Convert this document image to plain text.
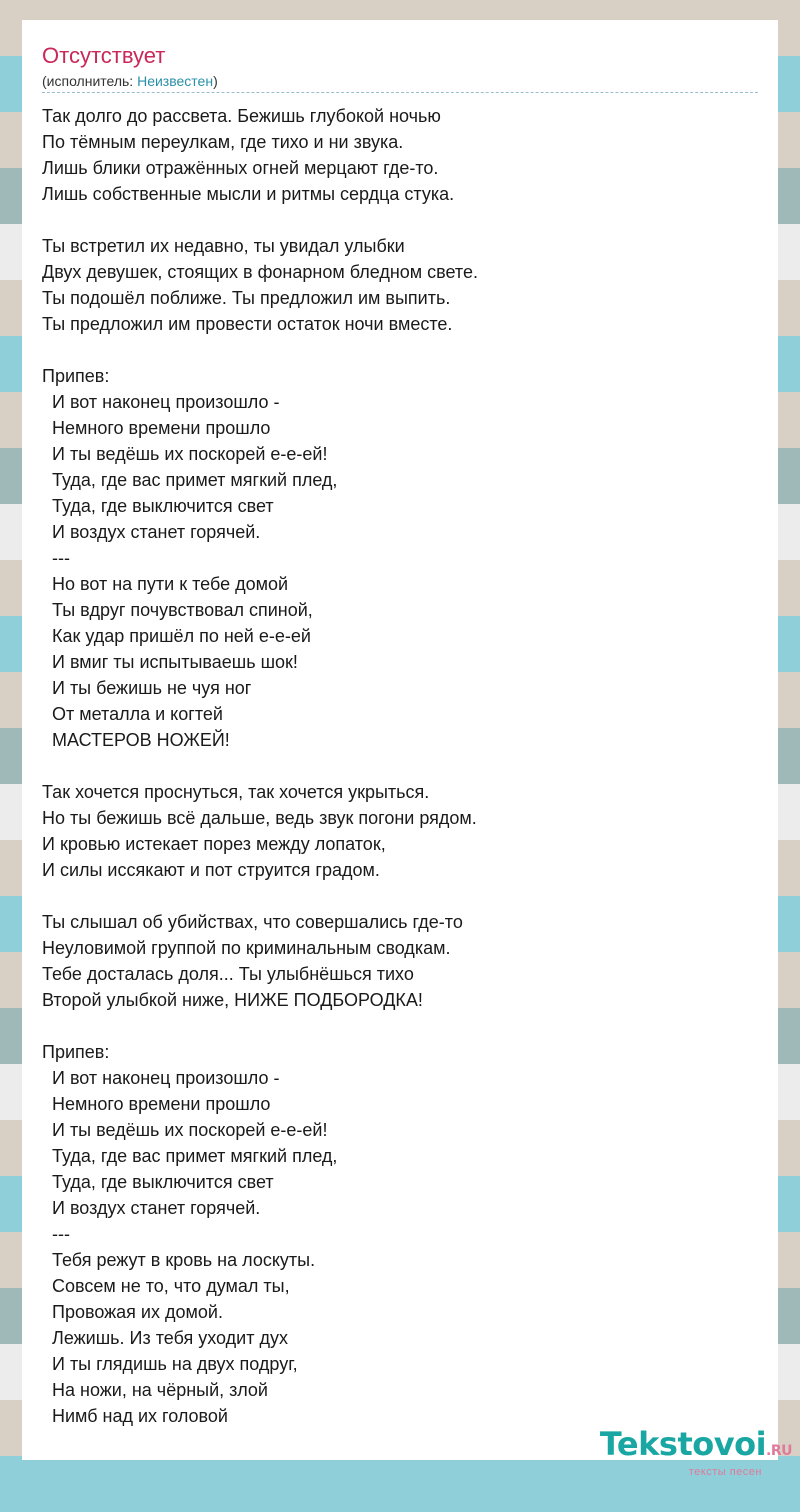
Отсутствует
(исполнитель: Неизвестен)
Так долго до рассвета. Бежишь глубокой ночью
По тёмным переулкам, где тихо и ни звука.
Лишь блики отражённых огней мерцают где-то.
Лишь собственные мысли и ритмы сердца стука.

Ты встретил их недавно, ты увидал улыбки
Двух девушек, стоящих в фонарном бледном свете.
Ты подошёл поближе. Ты предложил им выпить.
Ты предложил им провести остаток ночи вместе.

Припев:
И вот наконец произошло -
Немного времени прошло
И ты ведёшь их поскорей е-е-ей!
Туда, где вас примет мягкий плед,
Туда, где выключится свет
И воздух станет горячей.
---
Но вот на пути к тебе домой
Ты вдруг почувствовал спиной,
Как удар пришёл по ней е-е-ей
И вмиг ты испытываешь шок!
И ты бежишь не чуя ног
От металла и когтей
МАСТЕРОВ НОЖЕЙ!

Так хочется проснуться, так хочется укрыться.
Но ты бежишь всё дальше, ведь звук погони рядом.
И кровью истекает порез между лопаток,
И силы иссякают и пот струится градом.

Ты слышал об убийствах, что совершались где-то
Неуловимой группой по криминальным сводкам.
Тебе досталась доля... Ты улыбнёшься тихо
Второй улыбкой ниже, НИЖЕ ПОДБОРОДКА!

Припев:
И вот наконец произошло -
Немного времени прошло
И ты ведёшь их поскорей е-е-ей!
Туда, где вас примет мягкий плед,
Туда, где выключится свет
И воздух станет горячей.
---
Тебя режут в кровь на лоскуты.
Совсем не то, что думал ты,
Провожая их домой.
Лежишь. Из тебя уходит дух
И ты глядишь на двух подруг,
На ножи, на чёрный, злой
Нимб над их головой
Tekstovoi.RU
тексты песен
